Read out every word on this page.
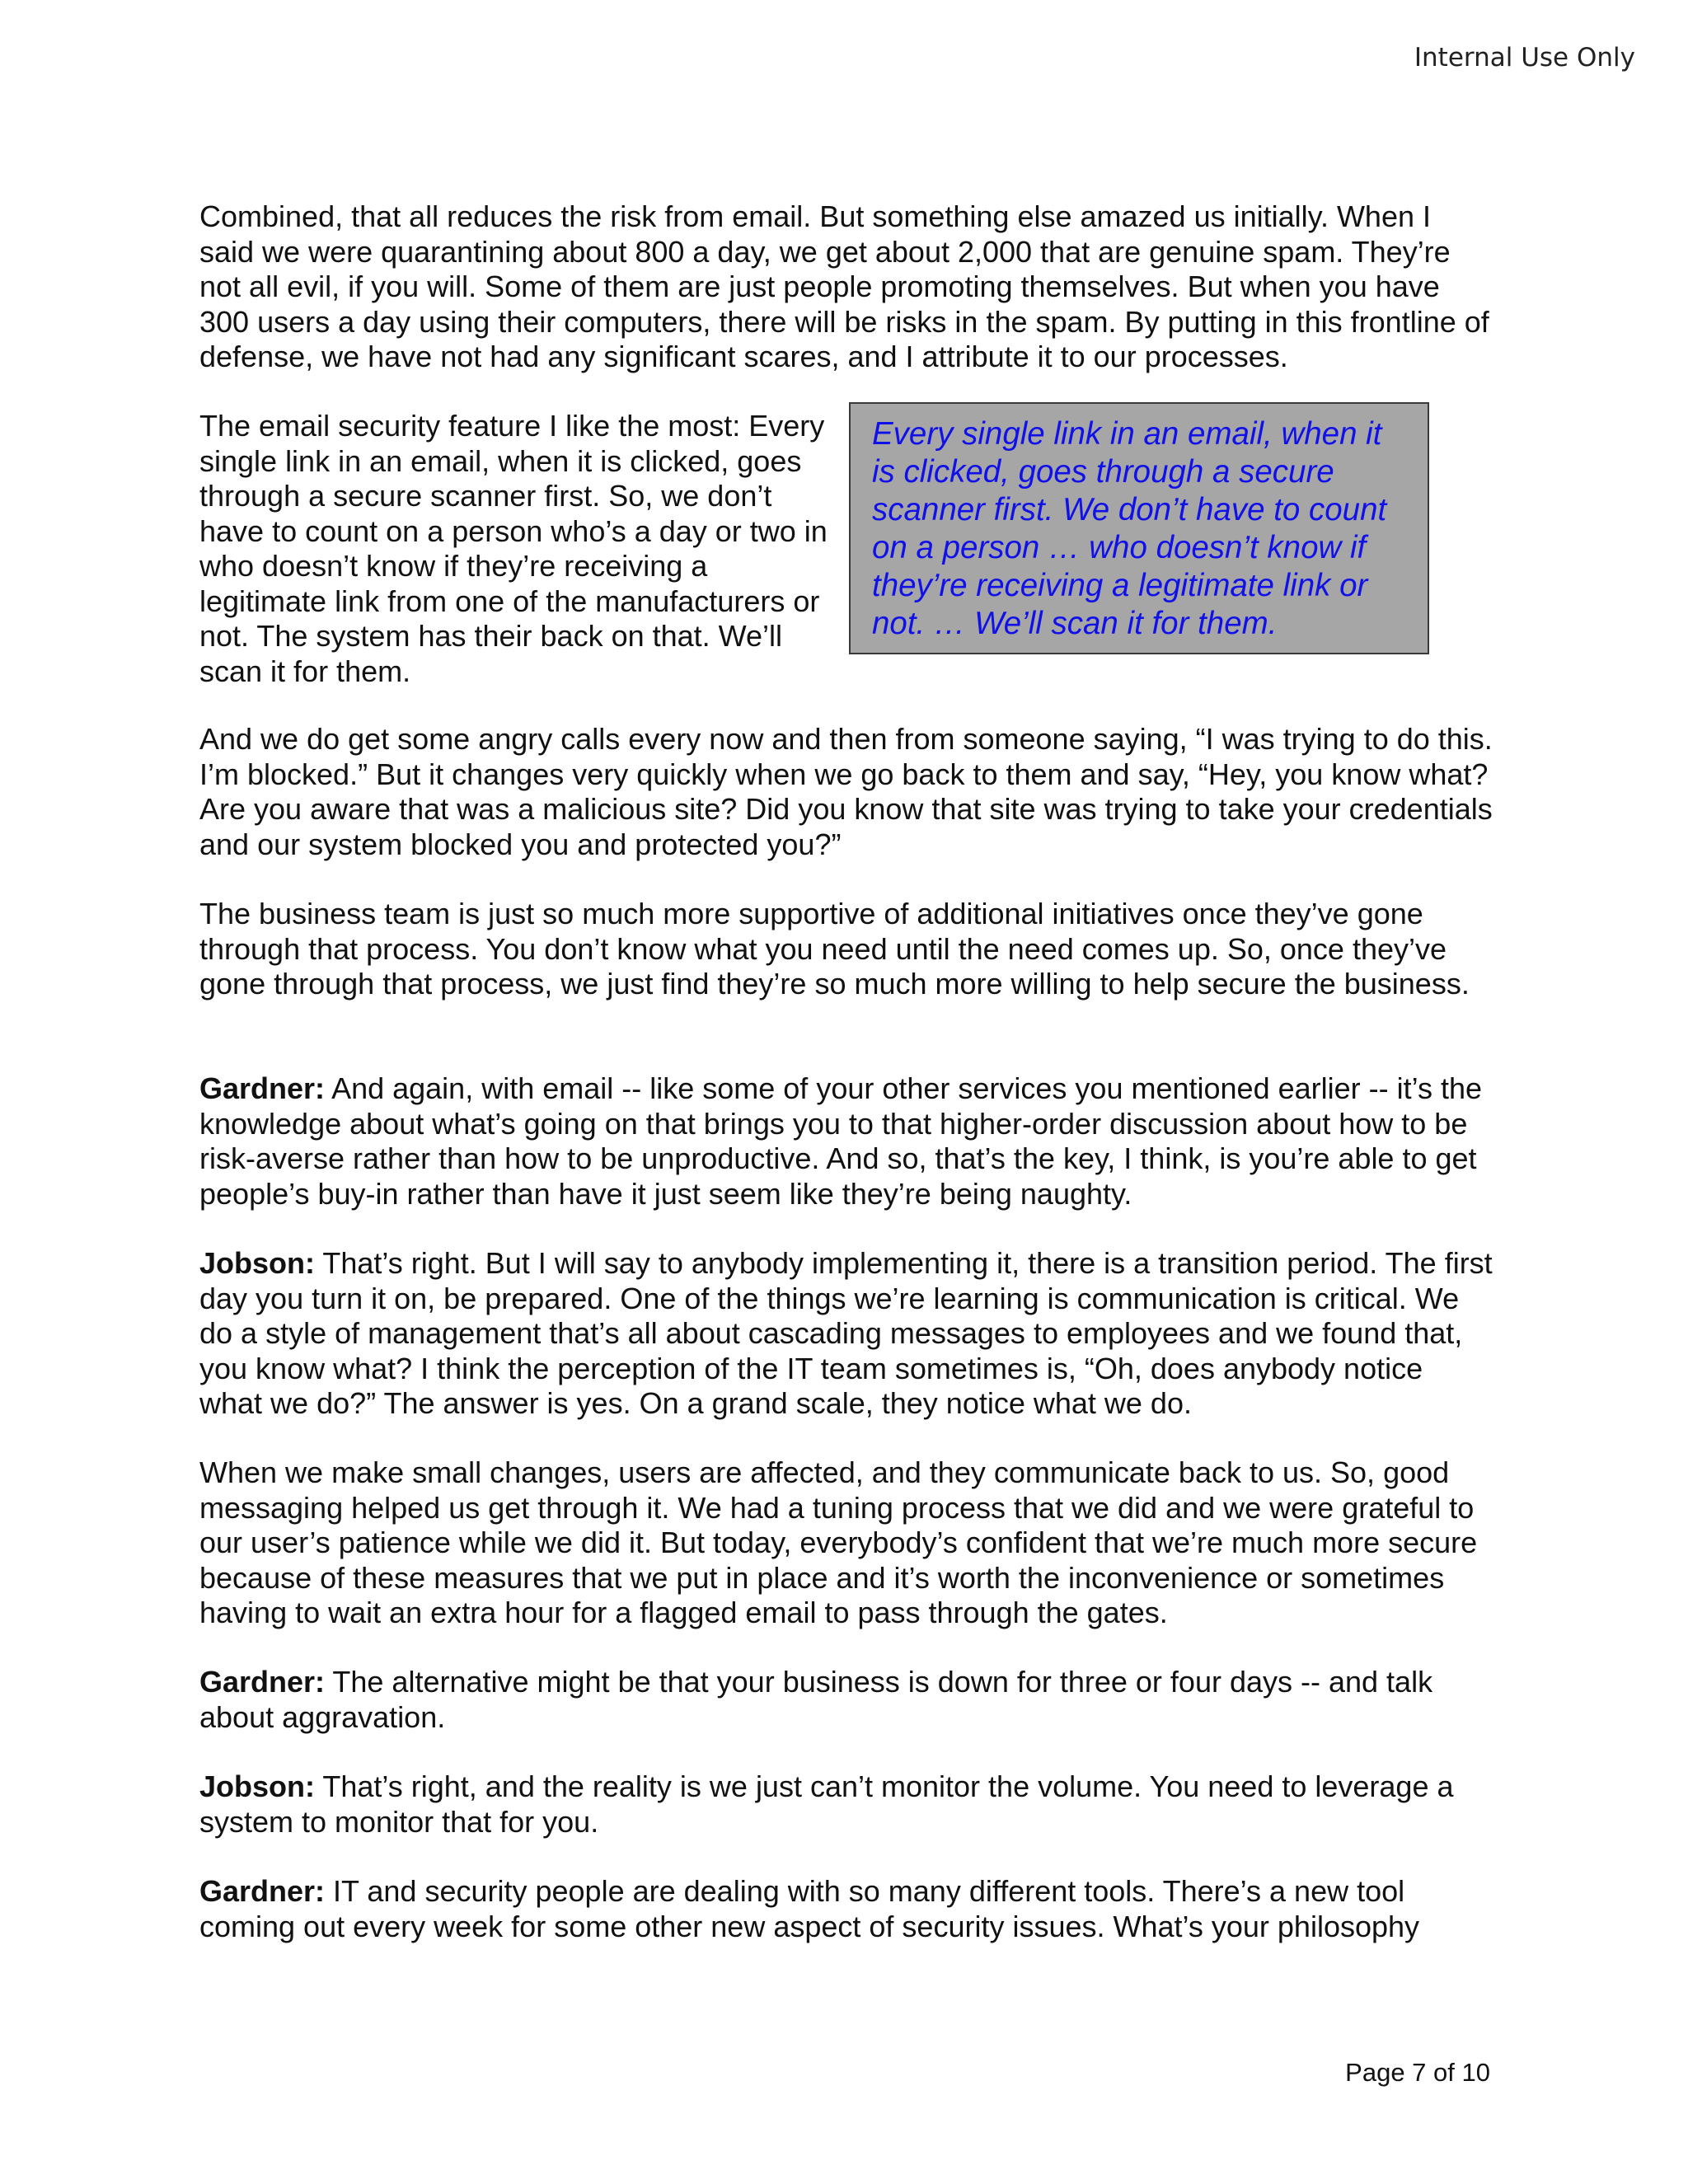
Internal Use Only

Combined, that all reduces the risk from email. But something else amazed us initially. When I said we were quarantining about 800 a day, we get about 2,000 that are genuine spam. They’re not all evil, if you will. Some of them are just people promoting themselves. But when you have 300 users a day using their computers, there will be risks in the spam. By putting in this frontline of defense, we have not had any significant scares, and I attribute it to our processes.

The email security feature I like the most: Every single link in an email, when it is clicked, goes through a secure scanner first. So, we don’t have to count on a person who’s a day or two in who doesn’t know if they’re receiving a legitimate link from one of the manufacturers or not. The system has their back on that. We’ll scan it for them.

Every single link in an email, when it is clicked, goes through a secure scanner first. We don’t have to count on a person … who doesn’t know if they’re receiving a legitimate link or not. … We’ll scan it for them.

And we do get some angry calls every now and then from someone saying, “I was trying to do this. I’m blocked.” But it changes very quickly when we go back to them and say, “Hey, you know what? Are you aware that was a malicious site? Did you know that site was trying to take your credentials and our system blocked you and protected you?”

The business team is just so much more supportive of additional initiatives once they’ve gone through that process. You don’t know what you need until the need comes up. So, once they’ve gone through that process, we just find they’re so much more willing to help secure the business.

Gardner: And again, with email -- like some of your other services you mentioned earlier -- it’s the knowledge about what’s going on that brings you to that higher-order discussion about how to be risk-averse rather than how to be unproductive. And so, that’s the key, I think, is you’re able to get people’s buy-in rather than have it just seem like they’re being naughty.

Jobson: That’s right. But I will say to anybody implementing it, there is a transition period. The first day you turn it on, be prepared. One of the things we’re learning is communication is critical. We do a style of management that’s all about cascading messages to employees and we found that, you know what? I think the perception of the IT team sometimes is, “Oh, does anybody notice what we do?” The answer is yes. On a grand scale, they notice what we do.

When we make small changes, users are affected, and they communicate back to us. So, good messaging helped us get through it. We had a tuning process that we did and we were grateful to our user’s patience while we did it. But today, everybody’s confident that we’re much more secure because of these measures that we put in place and it’s worth the inconvenience or sometimes having to wait an extra hour for a flagged email to pass through the gates.

Gardner: The alternative might be that your business is down for three or four days -- and talk about aggravation.

Jobson: That’s right, and the reality is we just can’t monitor the volume. You need to leverage a system to monitor that for you.

Gardner: IT and security people are dealing with so many different tools. There’s a new tool coming out every week for some other new aspect of security issues. What’s your philosophy

Page 7 of 10
